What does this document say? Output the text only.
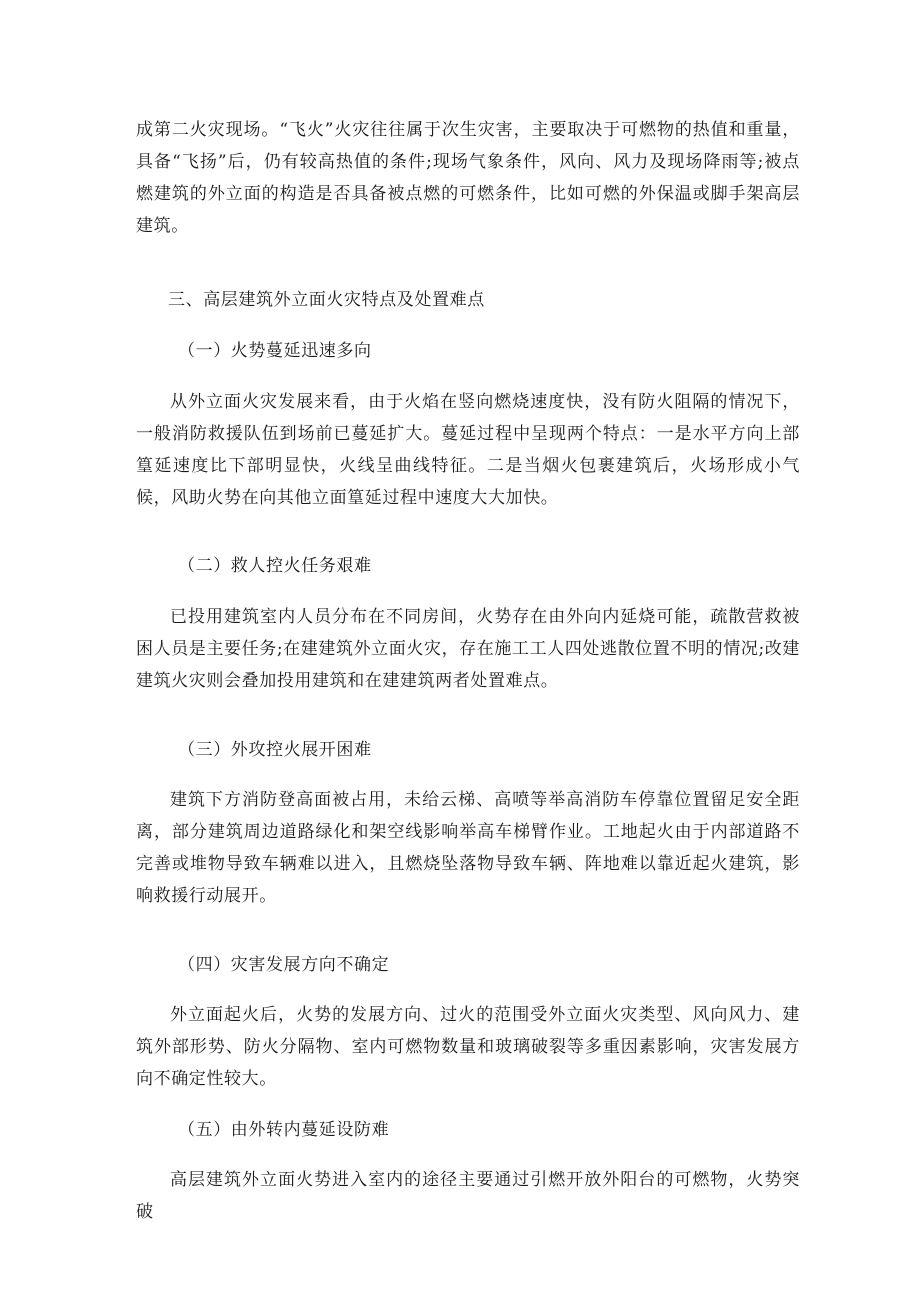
成第二火灾现场。“飞火”火灾往往属于次生灾害，主要取决于可燃物的热值和重量，具备“飞扬”后，仍有较高热值的条件;现场气象条件，风向、风力及现场降雨等;被点燃建筑的外立面的构造是否具备被点燃的可燃条件，比如可燃的外保温或脚手架高层建筑。
三、高层建筑外立面火灾特点及处置难点
（一）火势蔓延迅速多向
从外立面火灾发展来看，由于火焰在竖向燃烧速度快，没有防火阻隔的情况下，一般消防救援队伍到场前已蔓延扩大。蔓延过程中呈现两个特点：一是水平方向上部篁延速度比下部明显快，火线呈曲线特征。二是当烟火包裹建筑后，火场形成小气候，风助火势在向其他立面篁延过程中速度大大加快。
（二）救人控火任务艰难
已投用建筑室内人员分布在不同房间，火势存在由外向内延烧可能，疏散营救被困人员是主要任务;在建建筑外立面火灾，存在施工工人四处逃散位置不明的情况;改建建筑火灾则会叠加投用建筑和在建建筑两者处置难点。
（三）外攻控火展开困难
建筑下方消防登高面被占用，未给云梯、高喷等举高消防车停靠位置留足安全距离，部分建筑周边道路绿化和架空线影响举高车梯臂作业。工地起火由于内部道路不完善或堆物导致车辆难以进入，且燃烧坠落物导致车辆、阵地难以靠近起火建筑，影响救援行动展开。
（四）灾害发展方向不确定
外立面起火后，火势的发展方向、过火的范围受外立面火灾类型、风向风力、建筑外部形势、防火分隔物、室内可燃物数量和玻璃破裂等多重因素影响，灾害发展方向不确定性较大。
（五）由外转内蔓延设防难
高层建筑外立面火势进入室内的途径主要通过引燃开放外阳台的可燃物，火势突破
